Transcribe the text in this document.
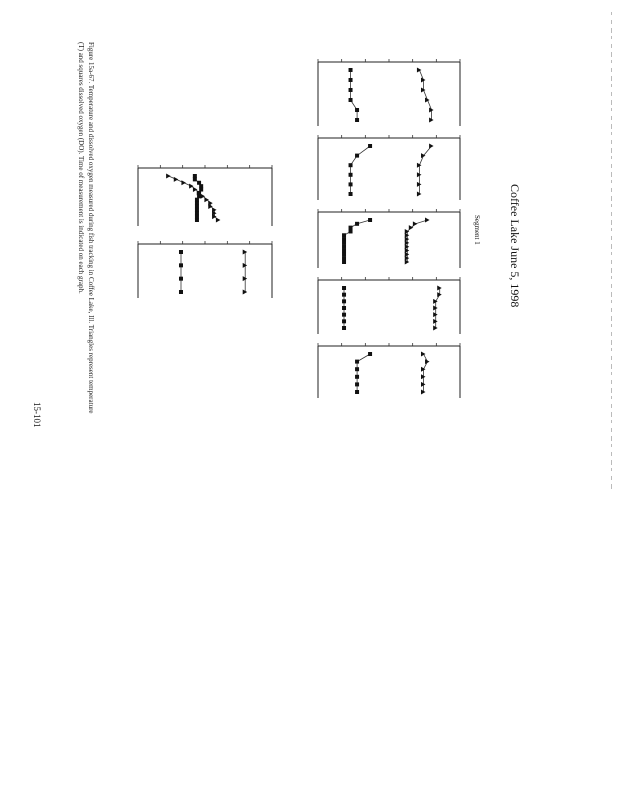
Coffee Lake June 5, 1998
Segment 1
Figure 15a-67. Temperature and dissolved oxygen measured during fish tracking in Coffee Lake, Ill. Triangles represent temperature (T) and squares dissolved oxygen (DO). Time of measurement is indicated on each graph.
15-101
